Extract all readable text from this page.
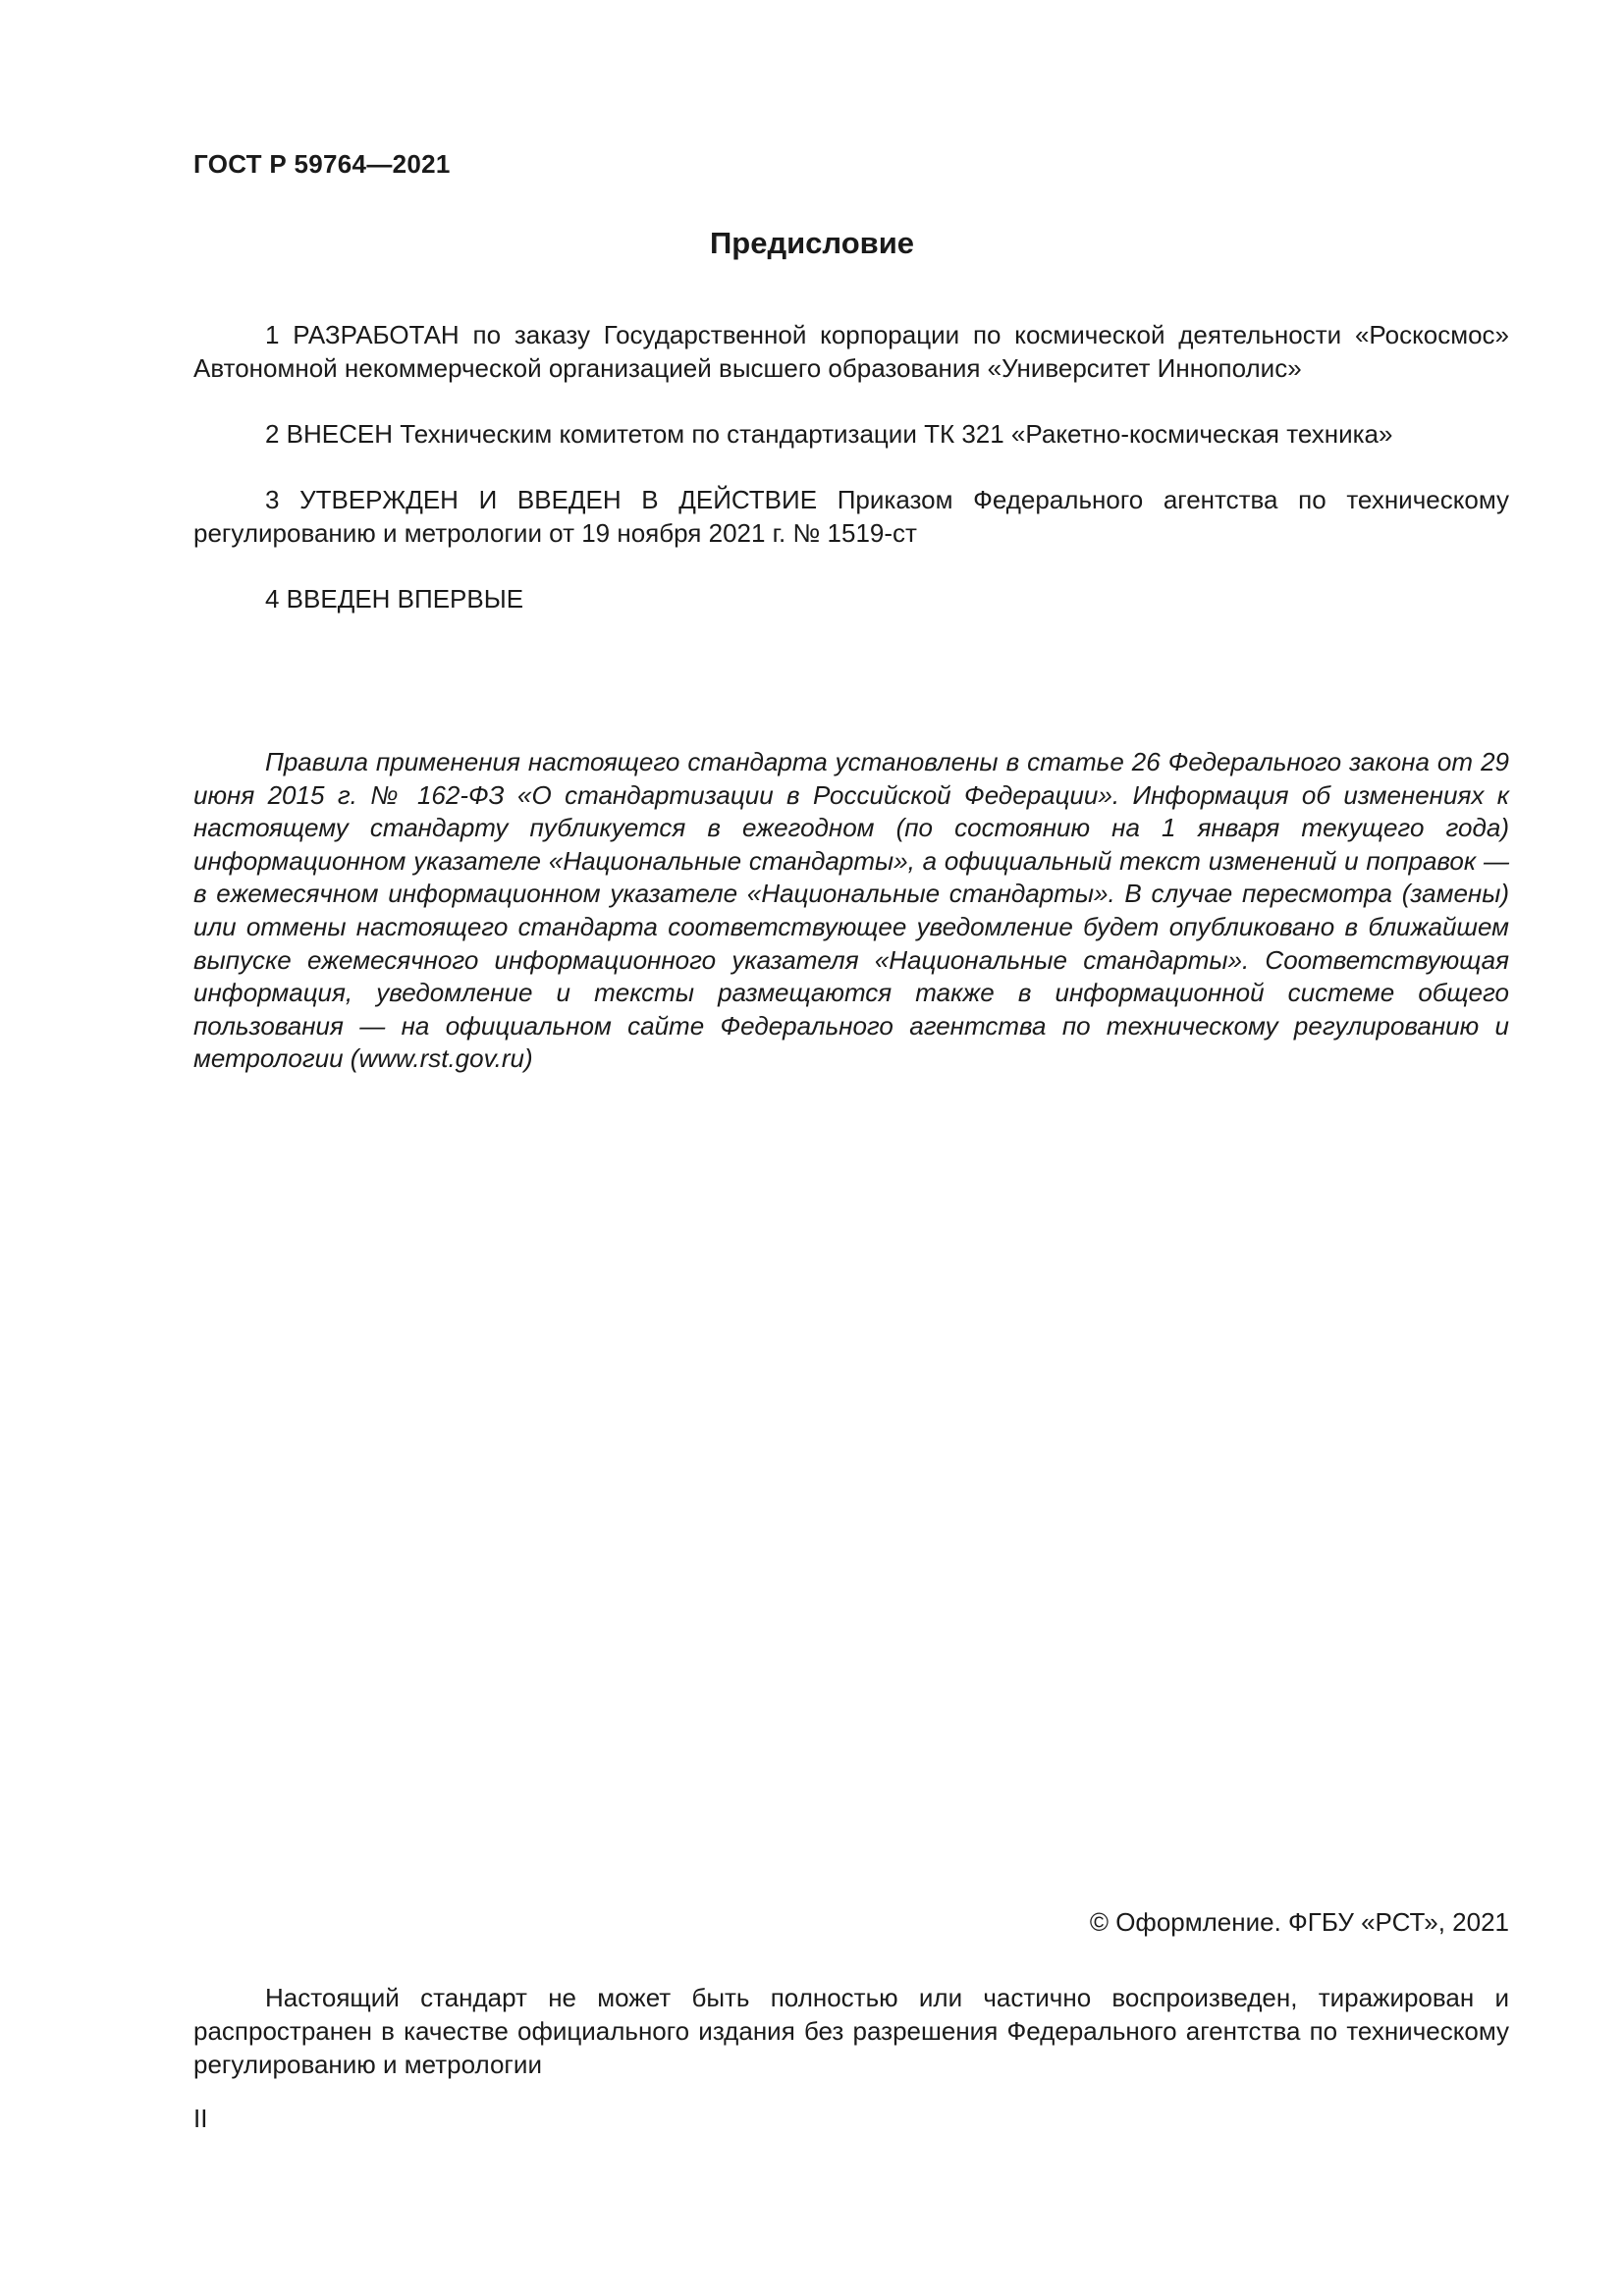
ГОСТ Р 59764—2021
Предисловие

1 РАЗРАБОТАН по заказу Государственной корпорации по космической деятельности «Роскосмос» Автономной некоммерческой организацией высшего образования «Университет Иннополис»

2 ВНЕСЕН Техническим комитетом по стандартизации ТК 321 «Ракетно-космическая техника»

3 УТВЕРЖДЕН И ВВЕДЕН В ДЕЙСТВИЕ Приказом Федерального агентства по техническому регулированию и метрологии от 19 ноября 2021 г. № 1519-ст

4 ВВЕДЕН ВПЕРВЫЕ

Правила применения настоящего стандарта установлены в статье 26 Федерального закона от 29 июня 2015 г. № 162-ФЗ «О стандартизации в Российской Федерации». Информация об изменениях к настоящему стандарту публикуется в ежегодном (по состоянию на 1 января текущего года) информационном указателе «Национальные стандарты», а официальный текст изменений и поправок — в ежемесячном информационном указателе «Национальные стандарты». В случае пересмотра (замены) или отмены настоящего стандарта соответствующее уведомление будет опубликовано в ближайшем выпуске ежемесячного информационного указателя «Национальные стандарты». Соответствующая информация, уведомление и тексты размещаются также в информационной системе общего пользования — на официальном сайте Федерального агентства по техническому регулированию и метрологии (www.rst.gov.ru)

© Оформление. ФГБУ «РСТ», 2021

Настоящий стандарт не может быть полностью или частично воспроизведен, тиражирован и распространен в качестве официального издания без разрешения Федерального агентства по техническому регулированию и метрологии

II
